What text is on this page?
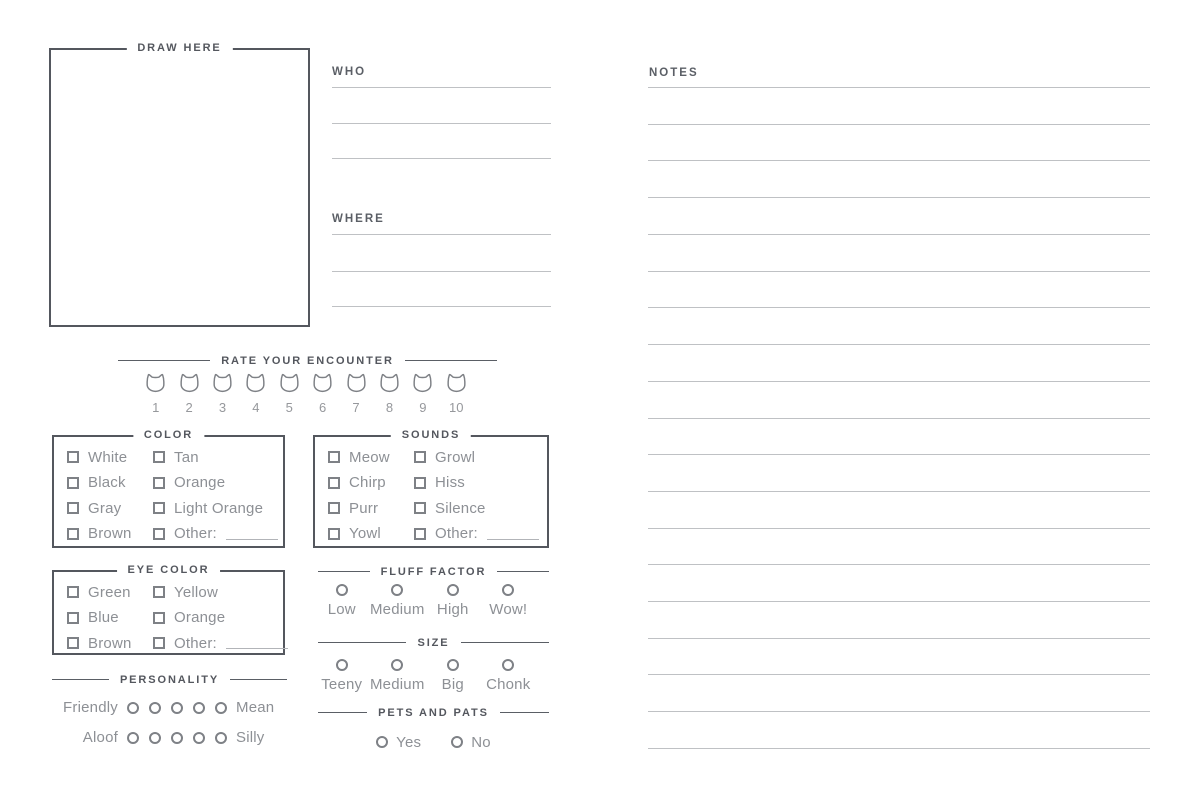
DRAW HERE
WHO
WHERE
NOTES
RATE YOUR ENCOUNTER
1	2	3	4	5	6	7	8	9	10
COLOR
White	Tan
Black	Orange
Gray	Light Orange
Brown	Other:
SOUNDS
Meow	Growl
Chirp	Hiss
Purr	Silence
Yowl	Other:
EYE COLOR
Green	Yellow
Blue	Orange
Brown	Other:
FLUFF FACTOR
Low Medium High Wow!
SIZE
Teeny Medium Big Chonk
PERSONALITY
Friendly	Mean
Aloof	Silly
PETS AND PATS
Yes	No
